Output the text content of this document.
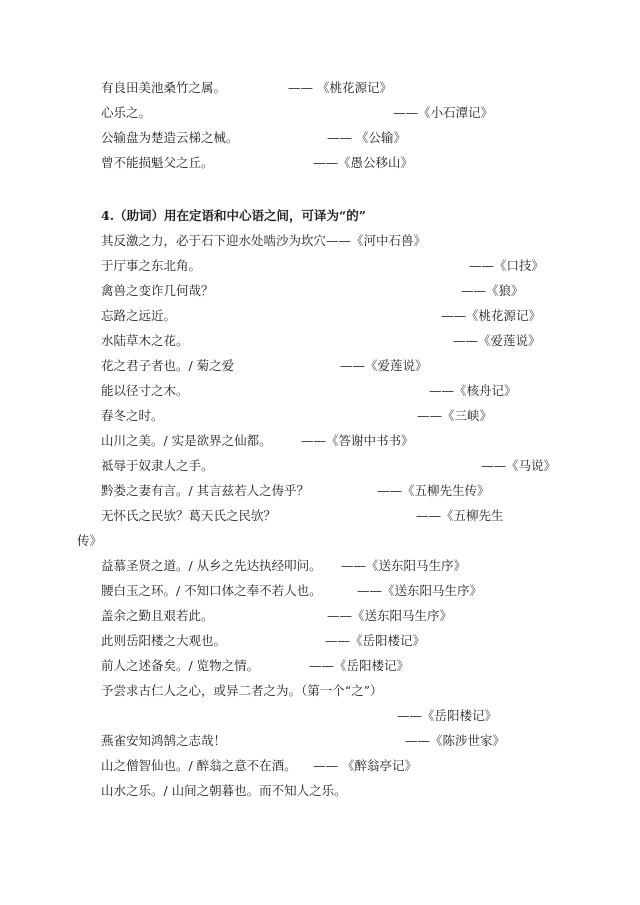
有良田美池桑竹之属。	—— 《桃花源记》
心乐之。	——《小石潭记》
公输盘为楚造云梯之械。	—— 《公输》
曾不能损魁父之丘。	——《愚公移山》
4.（助词）用在定语和中心语之间，可译为“的”
其反激之力，必于石下迎水处啮沙为坎穴——《河中石兽》
于厅事之东北角。	——《口技》
禽兽之变诈几何哉？	——《狼》
忘路之远近。	——《桃花源记》
水陆草木之花。	——《爱莲说》
花之君子者也。/ 菊之爱	——《爱莲说》
能以径寸之木。	——《核舟记》
春冬之时。	——《三峡》
山川之美。/ 实是欲界之仙都。 ——《答谢中书书》
祗辱于奴隶人之手。	——《马说》
黔娄之妻有言。/ 其言兹若人之俦乎？	——《五柳先生传》
无怀氏之民欤？葛天氏之民欤？	——《五柳先生
传》
益慕圣贤之道。/ 从乡之先达执经叩问。 ——《送东阳马生序》
腰白玉之环。/ 不知口体之奉不若人也。	——《送东阳马生序》
盖余之勤且艰若此。	——《送东阳马生序》
此则岳阳楼之大观也。	——《岳阳楼记》
前人之述备矣。/ 览物之情。	——《岳阳楼记》
予尝求古仁人之心，或异二者之为。（第一个“之”）
——《岳阳楼记》
燕雀安知鸿鹄之志哉！	——《陈涉世家》
山之僧智仙也。/ 醉翁之意不在酒。 —— 《醉翁亭记》
山水之乐。/ 山间之朝暮也。而不知人之乐。
